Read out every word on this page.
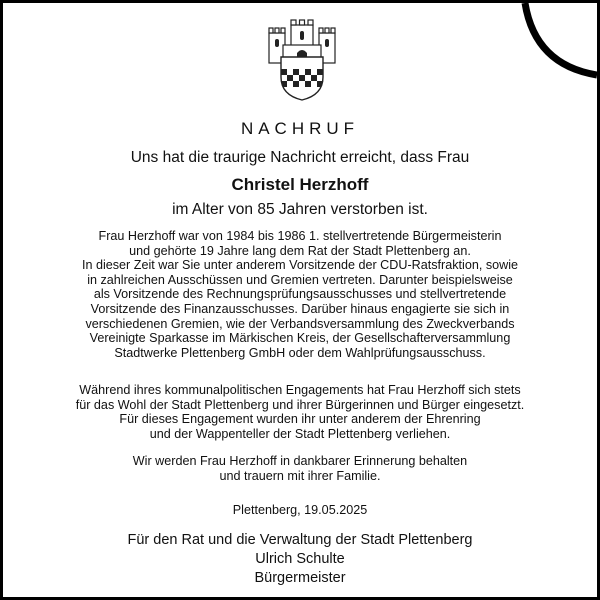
NACHRUF
Uns hat die traurige Nachricht erreicht, dass Frau
Christel Herzhoff
im Alter von 85 Jahren verstorben ist.
Frau Herzhoff war von 1984 bis 1986 1. stellvertretende Bürgermeisterin
und gehörte 19 Jahre lang dem Rat der Stadt Plettenberg an.
In dieser Zeit war Sie unter anderem Vorsitzende der CDU-Ratsfraktion, sowie
in zahlreichen Ausschüssen und Gremien vertreten. Darunter beispielsweise
als Vorsitzende des Rechnungsprüfungsausschusses und stellvertretende
Vorsitzende des Finanzausschusses. Darüber hinaus engagierte sie sich in
verschiedenen Gremien, wie der Verbandsversammlung des Zweckverbands
Vereinigte Sparkasse im Märkischen Kreis, der Gesellschafterversammlung
Stadtwerke Plettenberg GmbH oder dem Wahlprüfungsausschuss.
Während ihres kommunalpolitischen Engagements hat Frau Herzhoff sich stets
für das Wohl der Stadt Plettenberg und ihrer Bürgerinnen und Bürger eingesetzt.
Für dieses Engagement wurden ihr unter anderem der Ehrenring
und der Wappenteller der Stadt Plettenberg verliehen.
Wir werden Frau Herzhoff in dankbarer Erinnerung behalten
und trauern mit ihrer Familie.
Plettenberg, 19.05.2025
Für den Rat und die Verwaltung der Stadt Plettenberg
Ulrich Schulte
Bürgermeister
